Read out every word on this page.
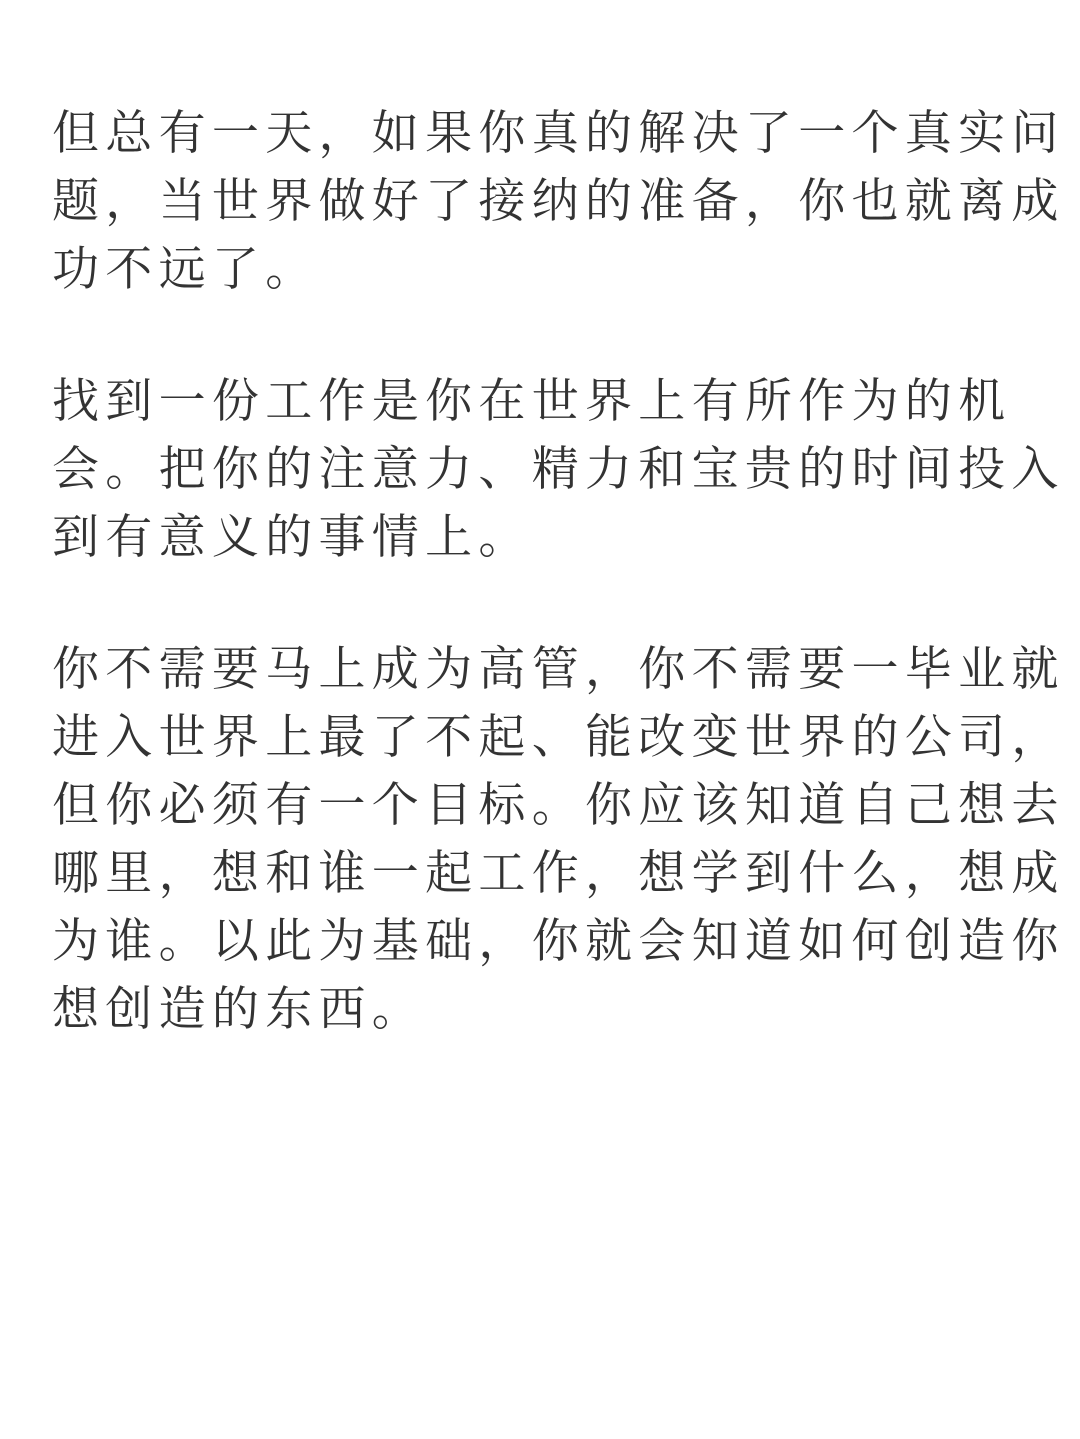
但总有一天，如果你真的解决了一个真实问
题，当世界做好了接纳的准备，你也就离成
功不远了。
找到一份工作是你在世界上有所作为的机
会。把你的注意力、精力和宝贵的时间投入
到有意义的事情上。
你不需要马上成为高管，你不需要一毕业就
进入世界上最了不起、能改变世界的公司，
但你必须有一个目标。你应该知道自己想去
哪里，想和谁一起工作，想学到什么，想成
为谁。以此为基础，你就会知道如何创造你
想创造的东西。
